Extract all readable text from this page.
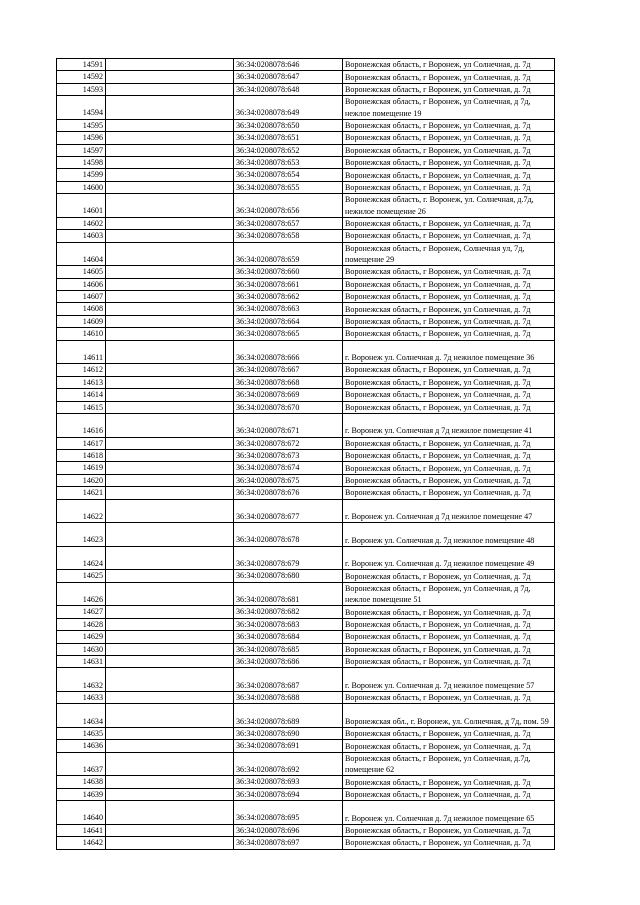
14591		36:34:0208078:646	Воронежская область, г Воронеж, ул Солнечная, д. 7д
14592		36:34:0208078:647	Воронежская область, г Воронеж, ул Солнечная, д. 7д
14593		36:34:0208078:648	Воронежская область, г Воронеж, ул Солнечная, д. 7д
14594		36:34:0208078:649	Воронежская область, г Воронеж, ул Солнечная, д 7д, нежлое помещение 19
14595		36:34:0208078:650	Воронежская область, г Воронеж, ул Солнечная, д. 7д
14596		36:34:0208078:651	Воронежская область, г Воронеж, ул Солнечная, д. 7д
14597		36:34:0208078:652	Воронежская область, г Воронеж, ул Солнечная, д. 7д
14598		36:34:0208078:653	Воронежская область, г Воронеж, ул Солнечная, д. 7д
14599		36:34:0208078:654	Воронежская область, г Воронеж, ул Солнечная, д. 7д
14600		36:34:0208078:655	Воронежская область, г Воронеж, ул Солнечная, д. 7д
14601		36:34:0208078:656	Воронежская область, г. Воронеж, ул. Солнечная, д.7д, нежилое помещение 26
14602		36:34:0208078:657	Воронежская область, г Воронеж, ул Солнечная, д. 7д
14603		36:34:0208078:658	Воронежская область, г Воронеж, ул Солнечная, д. 7д
14604		36:34:0208078:659	Воронежская область, г Воронеж, Солнечная ул, 7д, помещение 29
14605		36:34:0208078:660	Воронежская область, г Воронеж, ул Солнечная, д. 7д
14606		36:34:0208078:661	Воронежская область, г Воронеж, ул Солнечная, д. 7д
14607		36:34:0208078:662	Воронежская область, г Воронеж, ул Солнечная, д. 7д
14608		36:34:0208078:663	Воронежская область, г Воронеж, ул Солнечная, д. 7д
14609		36:34:0208078:664	Воронежская область, г Воронеж, ул Солнечная, д. 7д
14610		36:34:0208078:665	Воронежская область, г Воронеж, ул Солнечная, д. 7д
14611		36:34:0208078:666	г. Воронеж ул. Солнечная д. 7д нежилое помещение 36
14612		36:34:0208078:667	Воронежская область, г Воронеж, ул Солнечная, д. 7д
14613		36:34:0208078:668	Воронежская область, г Воронеж, ул Солнечная, д. 7д
14614		36:34:0208078:669	Воронежская область, г Воронеж, ул Солнечная, д. 7д
14615		36:34:0208078:670	Воронежская область, г Воронеж, ул Солнечная, д. 7д
14616		36:34:0208078:671	г. Воронеж ул. Солнечная д 7д нежилое помещение 41
14617		36:34:0208078:672	Воронежская область, г Воронеж, ул Солнечная, д. 7д
14618		36:34:0208078:673	Воронежская область, г Воронеж, ул Солнечная, д. 7д
14619		36:34:0208078:674	Воронежская область, г Воронеж, ул Солнечная, д. 7д
14620		36:34:0208078:675	Воронежская область, г Воронеж, ул Солнечная, д. 7д
14621		36:34:0208078:676	Воронежская область, г Воронеж, ул Солнечная, д. 7д
14622		36:34:0208078:677	г. Воронеж ул. Солнечная д 7д нежилое помещение 47
14623		36:34:0208078:678	г. Воронеж ул. Солнечная д. 7д нежилое помещение 48
14624		36:34:0208078:679	г. Воронеж ул. Солнечная д. 7д нежилое помещение 49
14625		36:34:0208078:680	Воронежская область, г Воронеж, ул Солнечная, д. 7д
14626		36:34:0208078:681	Воронежская область, г Воронеж, ул Солнечная, д 7д, нежлое помещение 51
14627		36:34:0208078:682	Воронежская область, г Воронеж, ул Солнечная, д. 7д
14628		36:34:0208078:683	Воронежская область, г Воронеж, ул Солнечная, д. 7д
14629		36:34:0208078:684	Воронежская область, г Воронеж, ул Солнечная, д. 7д
14630		36:34:0208078:685	Воронежская область, г Воронеж, ул Солнечная, д. 7д
14631		36:34:0208078:686	Воронежская область, г Воронеж, ул Солнечная, д. 7д
14632		36:34:0208078:687	г. Воронеж ул. Солнечная д. 7д нежилое помещение 57
14633		36:34:0208078:688	Воронежская область, г Воронеж, ул Солнечная, д. 7д
14634		36:34:0208078:689	Воронежская обл., г. Воронеж, ул. Солнечная, д 7д, пом. 59
14635		36:34:0208078:690	Воронежская область, г Воронеж, ул Солнечная, д. 7д
14636		36:34:0208078:691	Воронежская область, г Воронеж, ул Солнечная, д. 7д
14637		36:34:0208078:692	Воронежская область, г Воронеж, ул Солнечная, д.7д, помещение 62
14638		36:34:0208078:693	Воронежская область, г Воронеж, ул Солнечная, д. 7д
14639		36:34:0208078:694	Воронежская область, г Воронеж, ул Солнечная, д. 7д
14640		36:34:0208078:695	г. Воронеж ул. Солнечная д. 7д нежилое помещение 65
14641		36:34:0208078:696	Воронежская область, г Воронеж, ул Солнечная, д. 7д
14642		36:34:0208078:697	Воронежская область, г Воронеж, ул Солнечная, д. 7д
